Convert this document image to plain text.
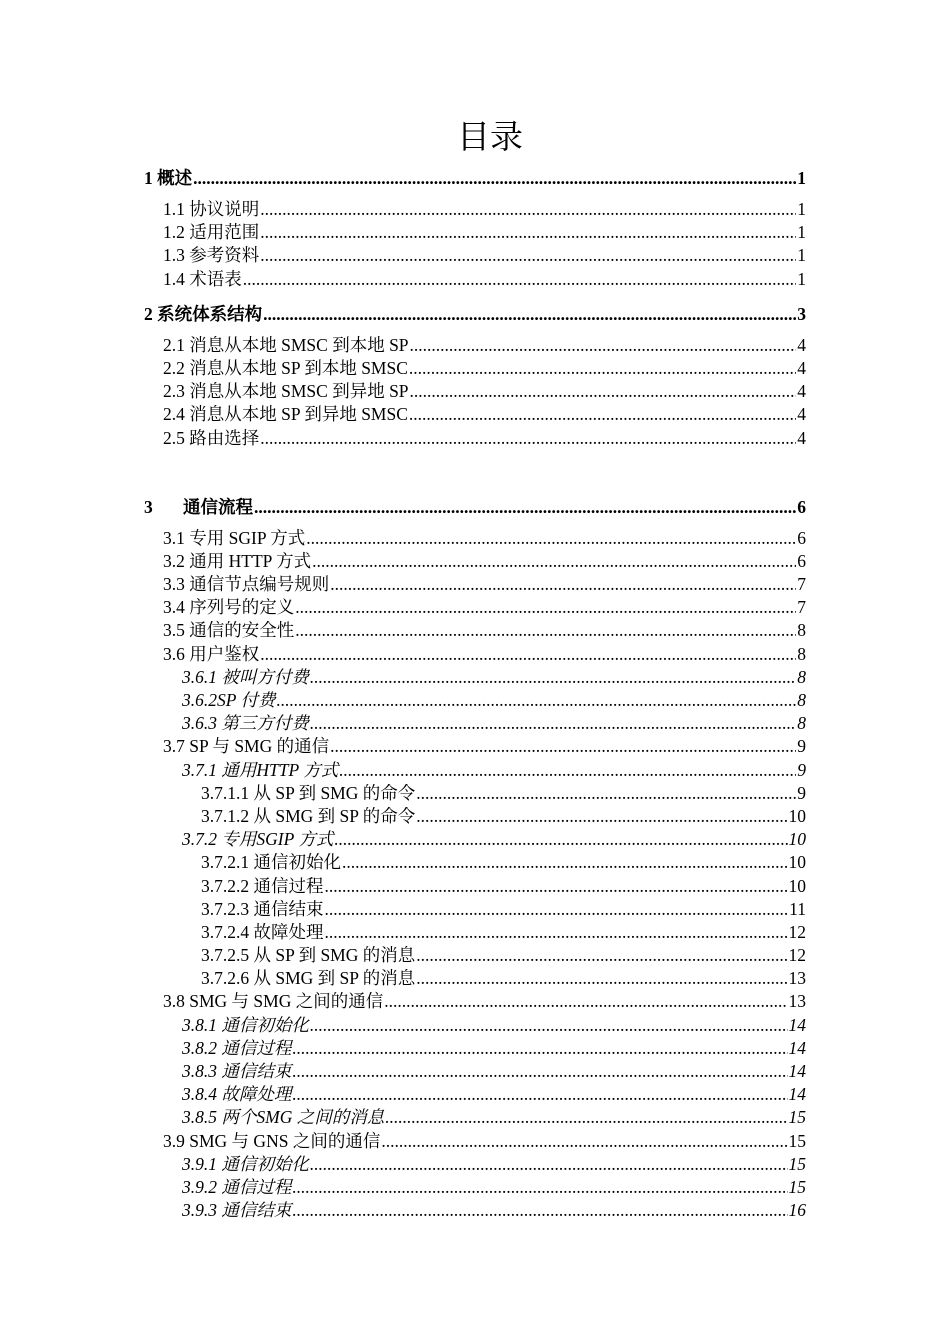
目录
1 概述 .....	1
1.1 协议说明 .....	1
1.2 适用范围 .....	1
1.3 参考资料 .....	1
1.4 术语表 .....	1
2 系统体系结构 .....	3
2.1 消息从本地 SMSC 到本地 SP .....	4
2.2 消息从本地 SP 到本地 SMSC .....	4
2.3 消息从本地 SMSC 到异地 SP .....	4
2.4 消息从本地 SP 到异地 SMSC .....	4
2.5 路由选择 .....	4
3 通信流程 .....	6
3.1 专用 SGIP 方式 .....	6
3.2 通用 HTTP 方式 .....	6
3.3 通信节点编号规则 .....	7
3.4 序列号的定义 .....	7
3.5 通信的安全性 .....	8
3.6 用户鉴权 .....	8
3.6.1 被叫方付费 .....	8
3.6.2SP 付费 .....	8
3.6.3 第三方付费 .....	8
3.7 SP 与 SMG 的通信 .....	9
3.7.1 通用HTTP 方式 .....	9
3.7.1.1 从 SP 到 SMG 的命令 .....	9
3.7.1.2 从 SMG 到 SP 的命令 .....	10
3.7.2 专用SGIP 方式 .....	10
3.7.2.1 通信初始化 .....	10
3.7.2.2 通信过程 .....	10
3.7.2.3 通信结束 .....	11
3.7.2.4 故障处理 .....	12
3.7.2.5 从 SP 到 SMG 的消息 .....	12
3.7.2.6 从 SMG 到 SP 的消息 .....	13
3.8 SMG 与 SMG 之间的通信 .....	13
3.8.1 通信初始化 .....	14
3.8.2 通信过程 .....	14
3.8.3 通信结束 .....	14
3.8.4 故障处理 .....	14
3.8.5 两个SMG 之间的消息 .....	15
3.9 SMG 与 GNS 之间的通信 .....	15
3.9.1 通信初始化 .....	15
3.9.2 通信过程 .....	15
3.9.3 通信结束 .....	16
